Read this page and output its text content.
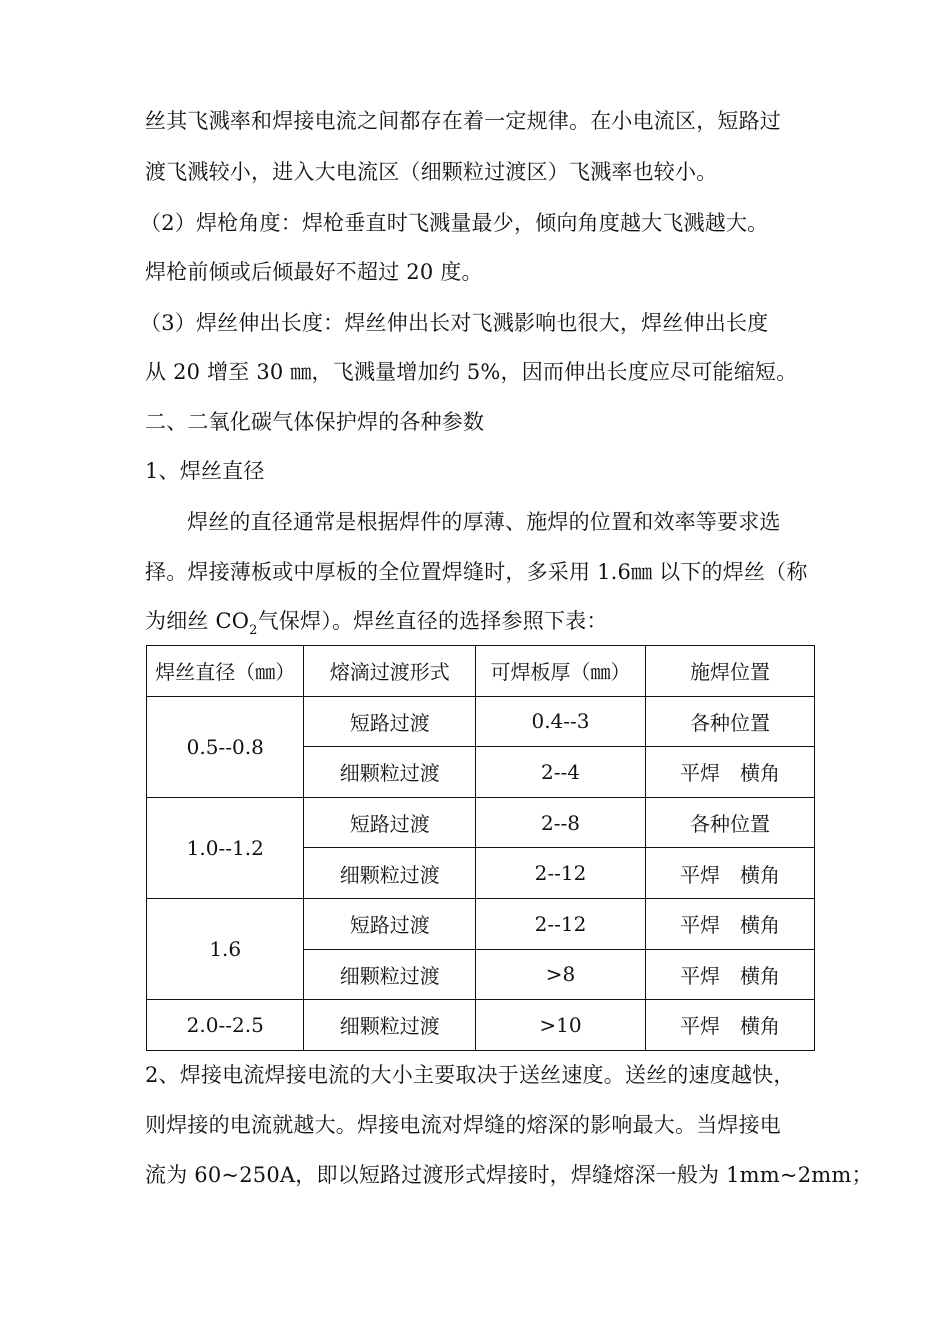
丝其飞溅率和焊接电流之间都存在着一定规律。在小电流区，短路过
渡飞溅较小，进入大电流区（细颗粒过渡区）飞溅率也较小。
（2）焊枪角度：焊枪垂直时飞溅量最少，倾向角度越大飞溅越大。
焊枪前倾或后倾最好不超过 20 度。
（3）焊丝伸出长度：焊丝伸出长对飞溅影响也很大，焊丝伸出长度
从 20 增至 30 ㎜，飞溅量增加约 5%，因而伸出长度应尽可能缩短。
二、二氧化碳气体保护焊的各种参数
1、焊丝直径
焊丝的直径通常是根据焊件的厚薄、施焊的位置和效率等要求选
择。焊接薄板或中厚板的全位置焊缝时，多采用 1.6㎜ 以下的焊丝（称
为细丝 $CO_2$气保焊）。焊丝直径的选择参照下表：
焊丝直径（㎜）	熔滴过渡形式	可焊板厚（㎜）	施焊位置
0.5--0.8	短路过渡	0.4--3	各种位置
	细颗粒过渡	2--4	平焊　横角
1.0--1.2	短路过渡	2--8	各种位置
	细颗粒过渡	2--12	平焊　横角
1.6	短路过渡	2--12	平焊　横角
	细颗粒过渡	>8	平焊　横角
2.0--2.5	细颗粒过渡	>10	平焊　横角
2、焊接电流焊接电流的大小主要取决于送丝速度。送丝的速度越快，
则焊接的电流就越大。焊接电流对焊缝的熔深的影响最大。当焊接电
流为 60~250A，即以短路过渡形式焊接时，焊缝熔深一般为 1mm~2mm；
